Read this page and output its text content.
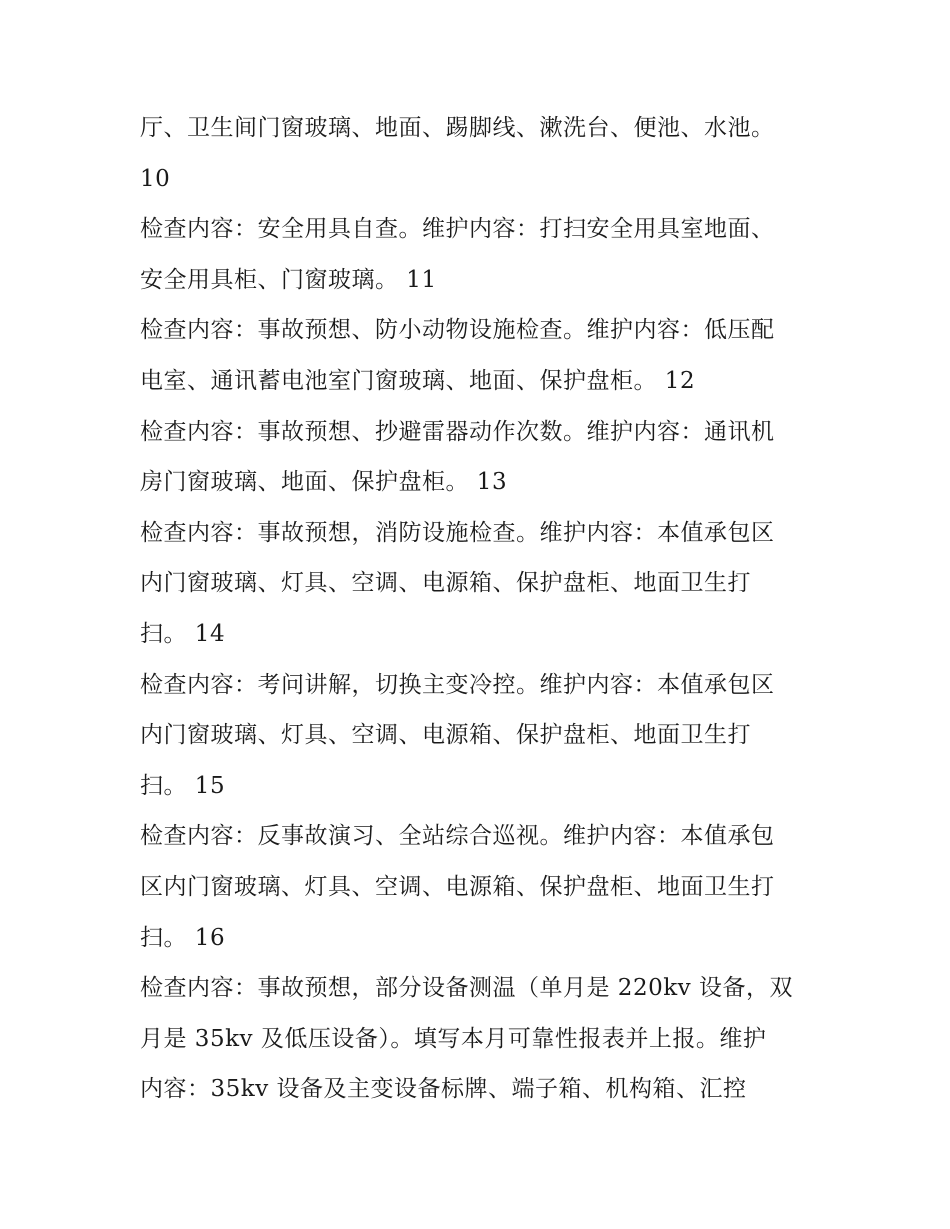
厅、卫生间门窗玻璃、地面、踢脚线、漱洗台、便池、水池。
10
检查内容：安全用具自查。维护内容：打扫安全用具室地面、
安全用具柜、门窗玻璃。 11
检查内容：事故预想、防小动物设施检查。维护内容：低压配
电室、通讯蓄电池室门窗玻璃、地面、保护盘柜。 12
检查内容：事故预想、抄避雷器动作次数。维护内容：通讯机
房门窗玻璃、地面、保护盘柜。 13
检查内容：事故预想，消防设施检查。维护内容：本值承包区
内门窗玻璃、灯具、空调、电源箱、保护盘柜、地面卫生打
扫。 14
检查内容：考问讲解，切换主变冷控。维护内容：本值承包区
内门窗玻璃、灯具、空调、电源箱、保护盘柜、地面卫生打
扫。 15
检查内容：反事故演习、全站综合巡视。维护内容：本值承包
区内门窗玻璃、灯具、空调、电源箱、保护盘柜、地面卫生打
扫。 16
检查内容：事故预想，部分设备测温（单月是 220kv 设备，双
月是 35kv 及低压设备）。填写本月可靠性报表并上报。维护
内容：35kv 设备及主变设备标牌、端子箱、机构箱、汇控
